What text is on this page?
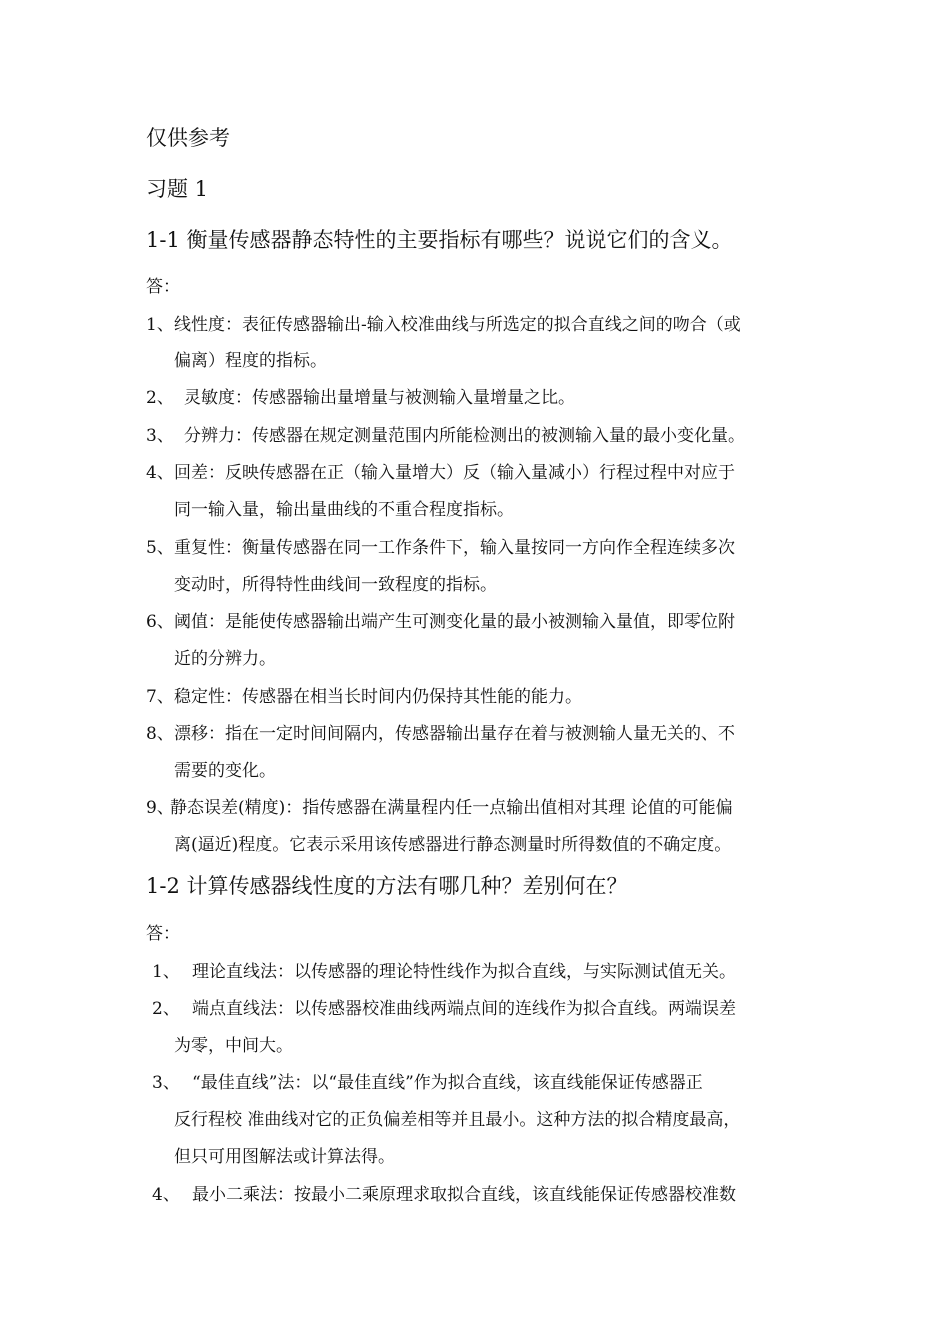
仅供参考
习题 1
1-1 衡量传感器静态特性的主要指标有哪些？说说它们的含义。
答：
1、 线性度：表征传感器输出-输入校准曲线与所选定的拟合直线之间的吻合（或
偏离）程度的指标。
2、 灵敏度：传感器输出量增量与被测输入量增量之比。
3、 分辨力：传感器在规定测量范围内所能检测出的被测输入量的最小变化量。
4、 回差：反映传感器在正（输入量增大）反（输入量减小）行程过程中对应于
同一输入量，输出量曲线的不重合程度指标。
5、 重复性：衡量传感器在同一工作条件下，输入量按同一方向作全程连续多次
变动时，所得特性曲线间一致程度的指标。
6、 阈值：是能使传感器输出端产生可测变化量的最小被测输入量值，即零位附
近的分辨力。
7、 稳定性：传感器在相当长时间内仍保持其性能的能力。
8、 漂移：指在一定时间间隔内，传感器输出量存在着与被测输人量无关的、不
需要的变化。
9、
静态误差(精度)：指传感器在满量程内任一点输出值相对其理 论值的可能偏
离(逼近)程度。它表示采用该传感器进行静态测量时所得数值的不确定度。
1-2 计算传感器线性度的方法有哪几种？差别何在？
答：
1、 理论直线法：以传感器的理论特性线作为拟合直线，与实际测试值无关。
2、 端点直线法：以传感器校准曲线两端点间的连线作为拟合直线。两端误差
为零，中间大。
3、 “最佳直线”法：以“最佳直线”作为拟合直线，该直线能保证传感器正
反行程校 准曲线对它的正负偏差相等并且最小。这种方法的拟合精度最高，
但只可用图解法或计算法得。
4、 最小二乘法：按最小二乘原理求取拟合直线，该直线能保证传感器校准数
